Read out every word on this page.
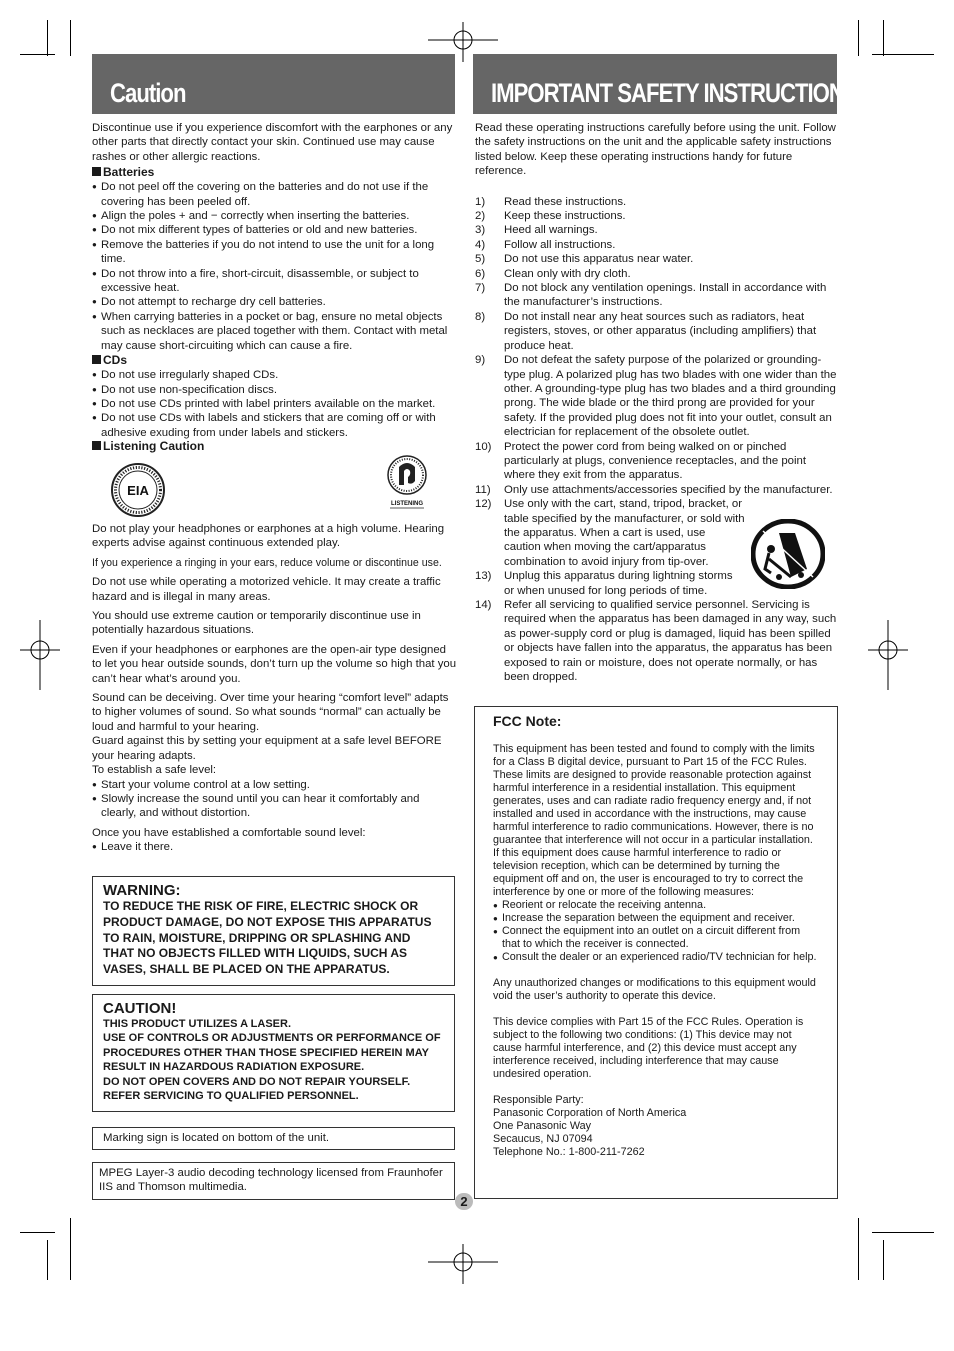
Caution	IMPORTANT SAFETY INSTRUCTIONS

Discontinue use if you experience discomfort with the earphones or any other parts that directly contact your skin. Continued use may cause rashes or other allergic reactions.

Batteries

● Do not peel off the covering on the batteries and do not use if the covering has been peeled off.
● Align the poles + and − correctly when inserting the batteries.
● Do not mix different types of batteries or old and new batteries.
● Remove the batteries if you do not intend to use the unit for a long time.
● Do not throw into a fire, short-circuit, disassemble, or subject to excessive heat.
● Do not attempt to recharge dry cell batteries.
● When carrying batteries in a pocket or bag, ensure no metal objects such as necklaces are placed together with them. Contact with metal may cause short-circuiting which can cause a fire.

CDs

● Do not use irregularly shaped CDs.
● Do not use non-specification discs.
● Do not use CDs printed with label printers available on the market.
● Do not use CDs with labels and stickers that are coming off or with adhesive exuding from under labels and stickers.

Listening Caution

EIA
LISTENING

Do not play your headphones or earphones at a high volume. Hearing experts advise against continuous extended play.

If you experience a ringing in your ears, reduce volume or discontinue use.

Do not use while operating a motorized vehicle. It may create a traffic hazard and is illegal in many areas.

You should use extreme caution or temporarily discontinue use in potentially hazardous situations.

Even if your headphones or earphones are the open-air type designed to let you hear outside sounds, don’t turn up the volume so high that you can’t hear what’s around you.

Sound can be deceiving. Over time your hearing “comfort level” adapts to higher volumes of sound. So what sounds “normal” can actually be loud and harmful to your hearing.

Guard against this by setting your equipment at a safe level BEFORE your hearing adapts.

To establish a safe level:

● Start your volume control at a low setting.
● Slowly increase the sound until you can hear it comfortably and clearly, and without distortion.

Once you have established a comfortable sound level:

● Leave it there.

WARNING:

TO REDUCE THE RISK OF FIRE, ELECTRIC SHOCK OR PRODUCT DAMAGE, DO NOT EXPOSE THIS APPARATUS TO RAIN, MOISTURE, DRIPPING OR SPLASHING AND THAT NO OBJECTS FILLED WITH LIQUIDS, SUCH AS VASES, SHALL BE PLACED ON THE APPARATUS.

CAUTION!

THIS PRODUCT UTILIZES A LASER.

USE OF CONTROLS OR ADJUSTMENTS OR PERFORMANCE OF PROCEDURES OTHER THAN THOSE SPECIFIED HEREIN MAY RESULT IN HAZARDOUS RADIATION EXPOSURE.

DO NOT OPEN COVERS AND DO NOT REPAIR YOURSELF. REFER SERVICING TO QUALIFIED PERSONNEL.

Marking sign is located on bottom of the unit.

MPEG Layer-3 audio decoding technology licensed from Fraunhofer IIS and Thomson multimedia.

Read these operating instructions carefully before using the unit. Follow the safety instructions on the unit and the applicable safety instructions listed below. Keep these operating instructions handy for future reference.

1) Read these instructions.
2) Keep these instructions.
3) Heed all warnings.
4) Follow all instructions.
5) Do not use this apparatus near water.
6) Clean only with dry cloth.
7) Do not block any ventilation openings. Install in accordance with the manufacturer’s instructions.
8) Do not install near any heat sources such as radiators, heat registers, stoves, or other apparatus (including amplifiers) that produce heat.
9) Do not defeat the safety purpose of the polarized or grounding-type plug. A polarized plug has two blades with one wider than the other. A grounding-type plug has two blades and a third grounding prong. The wide blade or the third prong are provided for your safety. If the provided plug does not fit into your outlet, consult an electrician for replacement of the obsolete outlet.
10) Protect the power cord from being walked on or pinched particularly at plugs, convenience receptacles, and the point where they exit from the apparatus.
11) Only use attachments/accessories specified by the manufacturer.
12) Use only with the cart, stand, tripod, bracket, or table specified by the manufacturer, or sold with the apparatus. When a cart is used, use caution when moving the cart/apparatus combination to avoid injury from tip-over.
13) Unplug this apparatus during lightning storms or when unused for long periods of time.
14) Refer all servicing to qualified service personnel. Servicing is required when the apparatus has been damaged in any way, such as power-supply cord or plug is damaged, liquid has been spilled or objects have fallen into the apparatus, the apparatus has been exposed to rain or moisture, does not operate normally, or has been dropped.

FCC Note:

This equipment has been tested and found to comply with the limits for a Class B digital device, pursuant to Part 15 of the FCC Rules.

These limits are designed to provide reasonable protection against harmful interference in a residential installation. This equipment generates, uses and can radiate radio frequency energy and, if not installed and used in accordance with the instructions, may cause harmful interference to radio communications. However, there is no guarantee that interference will not occur in a particular installation. If this equipment does cause harmful interference to radio or television reception, which can be determined by turning the equipment off and on, the user is encouraged to try to correct the interference by one or more of the following measures:

● Reorient or relocate the receiving antenna.
● Increase the separation between the equipment and receiver.
● Connect the equipment into an outlet on a circuit different from that to which the receiver is connected.
● Consult the dealer or an experienced radio/TV technician for help.

Any unauthorized changes or modifications to this equipment would void the user’s authority to operate this device.

This device complies with Part 15 of the FCC Rules. Operation is subject to the following two conditions: (1) This device may not cause harmful interference, and (2) this device must accept any interference received, including interference that may cause undesired operation.

Responsible Party:

Panasonic Corporation of North America

One Panasonic Way

Secaucus, NJ 07094

Telephone No.: 1-800-211-7262

2
